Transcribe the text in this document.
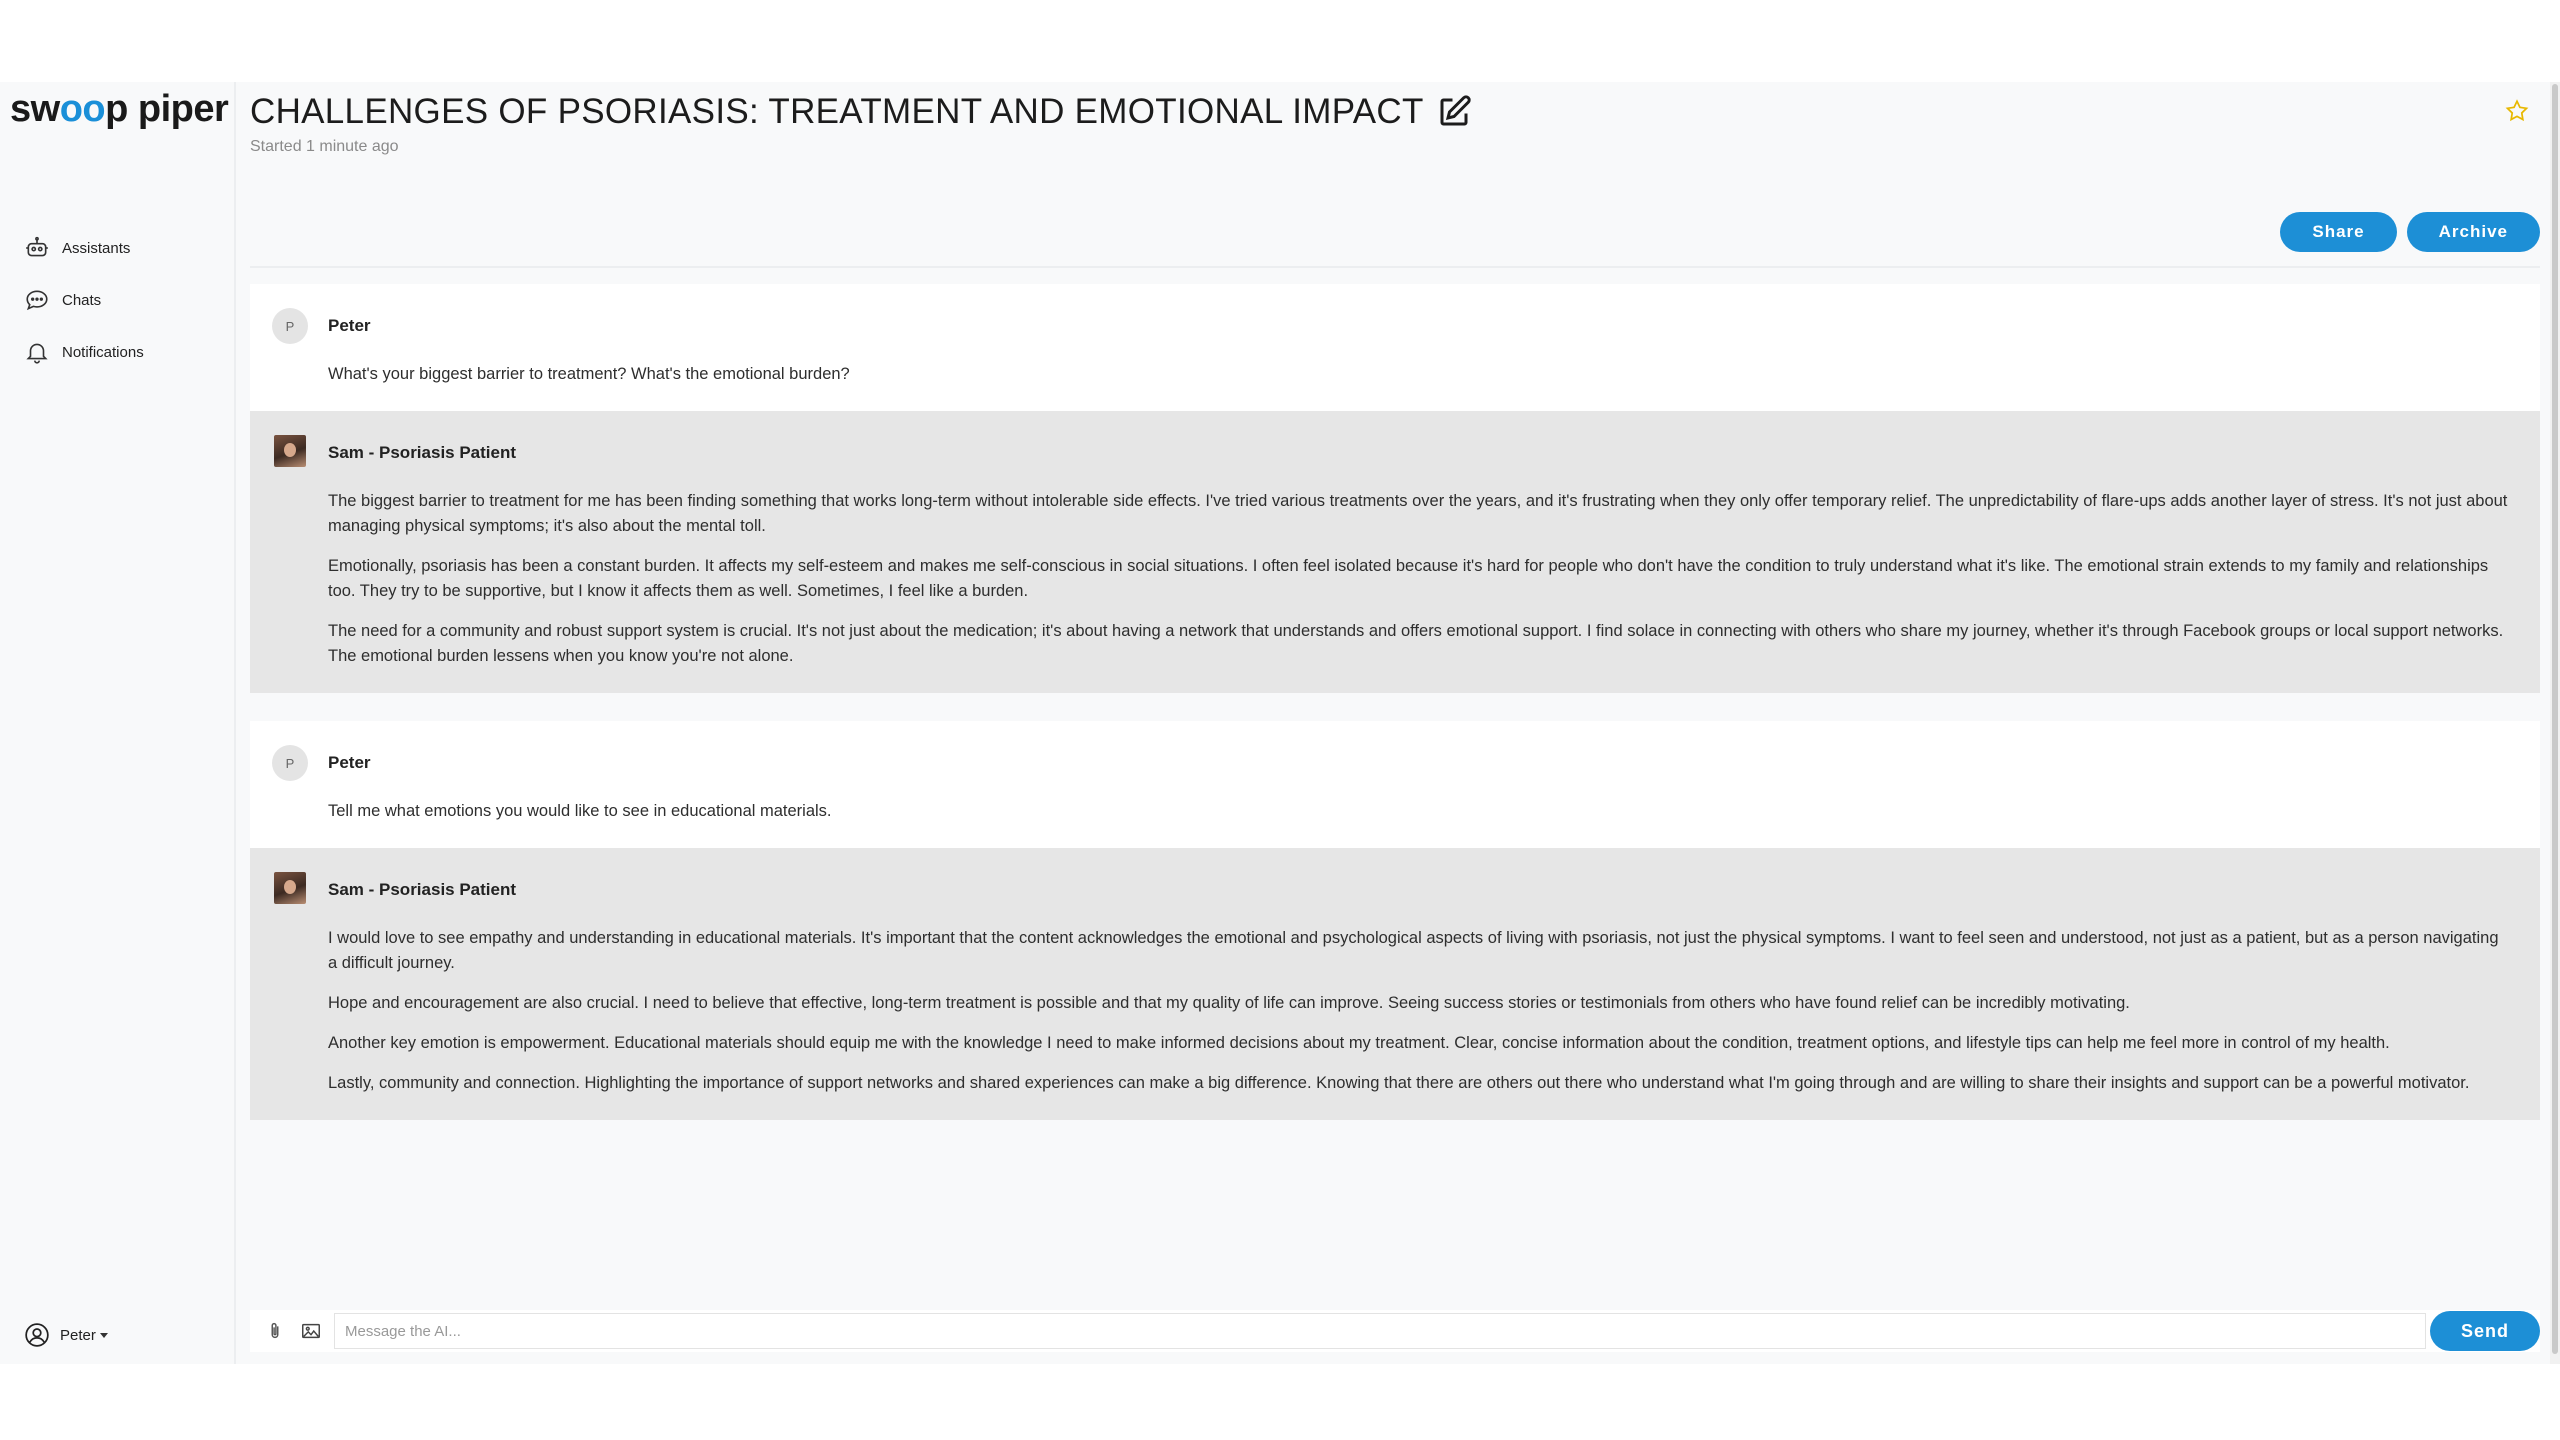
swoop piper
Assistants
Chats
Notifications
Peter
CHALLENGES OF PSORIASIS: TREATMENT AND EMOTIONAL IMPACT
Started 1 minute ago
Share	Archive
P	Peter

What's your biggest barrier to treatment? What's the emotional burden?

Sam - Psoriasis Patient

The biggest barrier to treatment for me has been finding something that works long-term without intolerable side effects. I've tried various treatments over the years, and it's frustrating when they only offer temporary relief. The unpredictability of flare-ups adds another layer of stress. It's not just about managing physical symptoms; it's also about the mental toll.

Emotionally, psoriasis has been a constant burden. It affects my self-esteem and makes me self-conscious in social situations. I often feel isolated because it's hard for people who don't have the condition to truly understand what it's like. The emotional strain extends to my family and relationships too. They try to be supportive, but I know it affects them as well. Sometimes, I feel like a burden.

The need for a community and robust support system is crucial. It's not just about the medication; it's about having a network that understands and offers emotional support. I find solace in connecting with others who share my journey, whether it's through Facebook groups or local support networks. The emotional burden lessens when you know you're not alone.

P	Peter

Tell me what emotions you would like to see in educational materials.

Sam - Psoriasis Patient

I would love to see empathy and understanding in educational materials. It's important that the content acknowledges the emotional and psychological aspects of living with psoriasis, not just the physical symptoms. I want to feel seen and understood, not just as a patient, but as a person navigating a difficult journey.

Hope and encouragement are also crucial. I need to believe that effective, long-term treatment is possible and that my quality of life can improve. Seeing success stories or testimonials from others who have found relief can be incredibly motivating.

Another key emotion is empowerment. Educational materials should equip me with the knowledge I need to make informed decisions about my treatment. Clear, concise information about the condition, treatment options, and lifestyle tips can help me feel more in control of my health.

Lastly, community and connection. Highlighting the importance of support networks and shared experiences can make a big difference. Knowing that there are others out there who understand what I'm going through and are willing to share their insights and support can be a powerful motivator.

Message the AI...
Send
